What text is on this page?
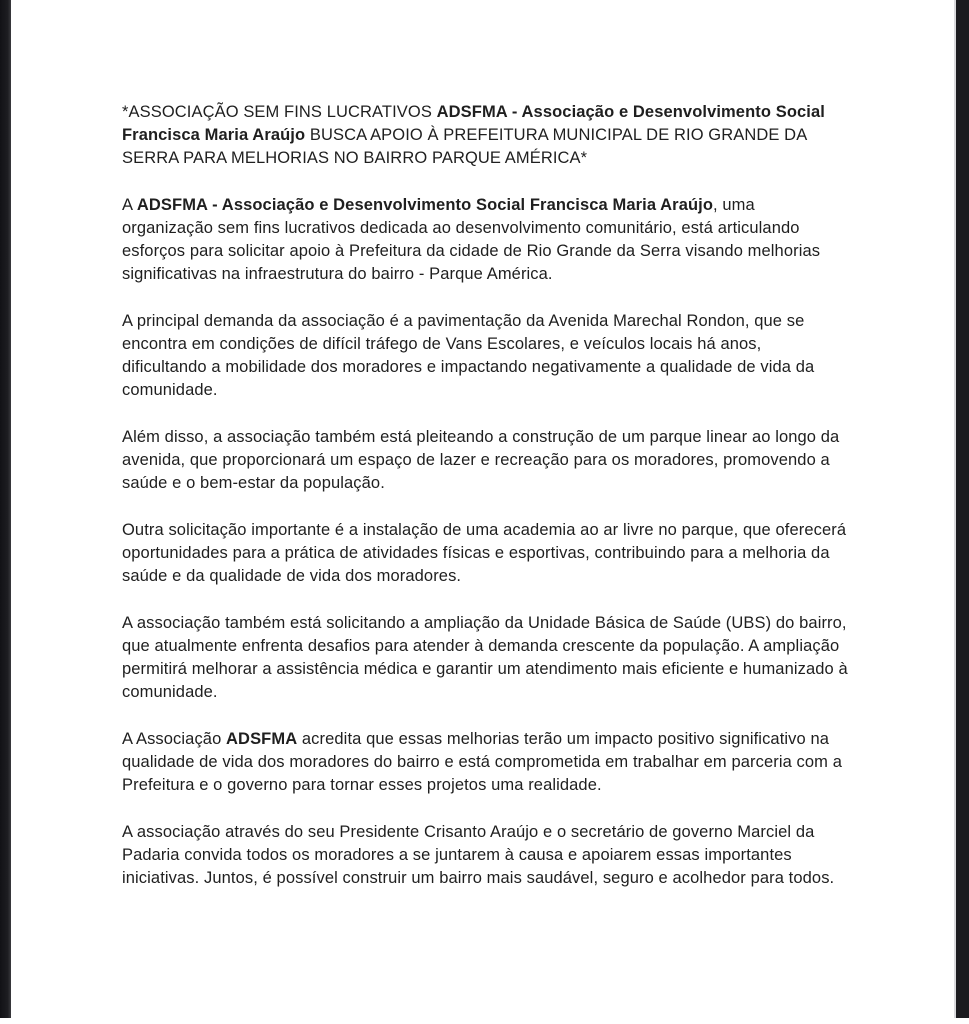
*ASSOCIAÇÃO SEM FINS LUCRATIVOS ADSFMA - Associação e Desenvolvimento Social Francisca Maria Araújo BUSCA APOIO À PREFEITURA MUNICIPAL DE RIO GRANDE DA SERRA PARA MELHORIAS NO BAIRRO PARQUE AMÉRICA*

A ADSFMA - Associação e Desenvolvimento Social Francisca Maria Araújo, uma organização sem fins lucrativos dedicada ao desenvolvimento comunitário, está articulando esforços para solicitar apoio à Prefeitura da cidade de Rio Grande da Serra visando melhorias significativas na infraestrutura do bairro - Parque América.

A principal demanda da associação é a pavimentação da Avenida Marechal Rondon, que se encontra em condições de difícil tráfego de Vans Escolares, e veículos locais há anos, dificultando a mobilidade dos moradores e impactando negativamente a qualidade de vida da comunidade.

Além disso, a associação também está pleiteando a construção de um parque linear ao longo da avenida, que proporcionará um espaço de lazer e recreação para os moradores, promovendo a saúde e o bem-estar da população.

Outra solicitação importante é a instalação de uma academia ao ar livre no parque, que oferecerá oportunidades para a prática de atividades físicas e esportivas, contribuindo para a melhoria da saúde e da qualidade de vida dos moradores.

A associação também está solicitando a ampliação da Unidade Básica de Saúde (UBS) do bairro, que atualmente enfrenta desafios para atender à demanda crescente da população. A ampliação permitirá melhorar a assistência médica e garantir um atendimento mais eficiente e humanizado à comunidade.

A Associação ADSFMA acredita que essas melhorias terão um impacto positivo significativo na qualidade de vida dos moradores do bairro e está comprometida em trabalhar em parceria com a Prefeitura e o governo para tornar esses projetos uma realidade.

A associação através do seu Presidente Crisanto Araújo e o secretário de governo Marciel da Padaria convida todos os moradores a se juntarem à causa e apoiarem essas importantes iniciativas. Juntos, é possível construir um bairro mais saudável, seguro e acolhedor para todos.
